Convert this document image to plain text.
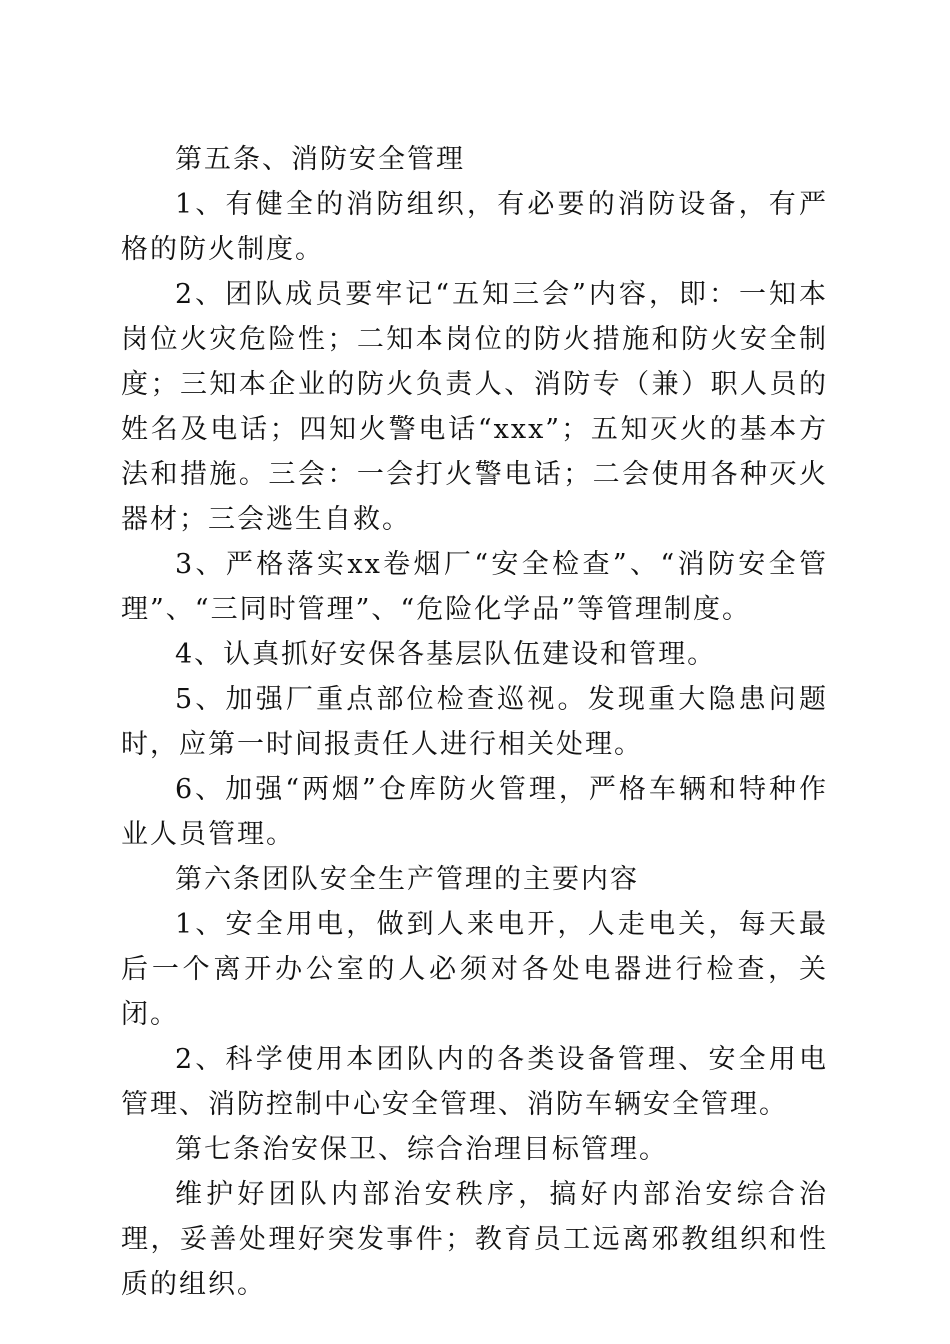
第五条、消防安全管理

1、有健全的消防组织，有必要的消防设备，有严格的防火制度。

2、团队成员要牢记“五知三会”内容，即：一知本岗位火灾危险性；二知本岗位的防火措施和防火安全制度；三知本企业的防火负责人、消防专（兼）职人员的姓名及电话；四知火警电话“xxx”；五知灭火的基本方法和措施。三会：一会打火警电话；二会使用各种灭火器材；三会逃生自救。

3、严格落实xx卷烟厂“安全检查”、“消防安全管理”、“三同时管理”、“危险化学品”等管理制度。

4、认真抓好安保各基层队伍建设和管理。

5、加强厂重点部位检查巡视。发现重大隐患问题时，应第一时间报责任人进行相关处理。

6、加强“两烟”仓库防火管理，严格车辆和特种作业人员管理。

第六条团队安全生产管理的主要内容

1、安全用电，做到人来电开，人走电关，每天最后一个离开办公室的人必须对各处电器进行检查，关闭。

2、科学使用本团队内的各类设备管理、安全用电管理、消防控制中心安全管理、消防车辆安全管理。

第七条治安保卫、综合治理目标管理。

维护好团队内部治安秩序，搞好内部治安综合治理，妥善处理好突发事件；教育员工远离邪教组织和性质的组织。
